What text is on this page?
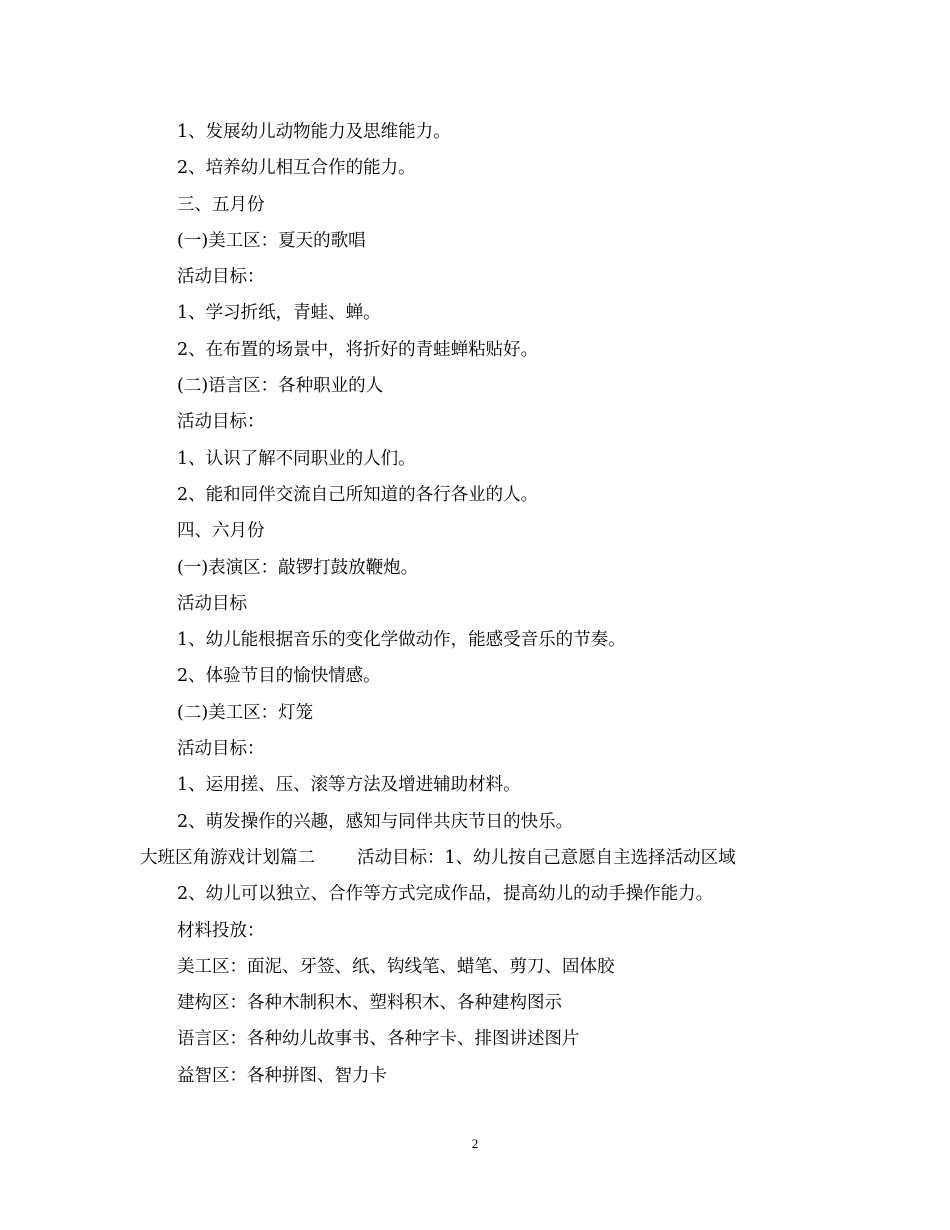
1、发展幼儿动物能力及思维能力。
2、培养幼儿相互合作的能力。
三、五月份
(一)美工区：夏天的歌唱
活动目标：
1、学习折纸，青蛙、蝉。
2、在布置的场景中，将折好的青蛙蝉粘贴好。
(二)语言区：各种职业的人
活动目标：
1、认识了解不同职业的人们。
2、能和同伴交流自己所知道的各行各业的人。
四、六月份
(一)表演区：敲锣打鼓放鞭炮。
活动目标
1、幼儿能根据音乐的变化学做动作，能感受音乐的节奏。
2、体验节目的愉快情感。
(二)美工区：灯笼
活动目标：
1、运用搓、压、滚等方法及增进辅助材料。
2、萌发操作的兴趣，感知与同伴共庆节日的快乐。
大班区角游戏计划篇二 活动目标：1、幼儿按自己意愿自主选择活动区域
2、幼儿可以独立、合作等方式完成作品，提高幼儿的动手操作能力。
材料投放：
美工区：面泥、牙签、纸、钩线笔、蜡笔、剪刀、固体胶
建构区：各种木制积木、塑料积木、各种建构图示
语言区：各种幼儿故事书、各种字卡、排图讲述图片
益智区：各种拼图、智力卡
2
